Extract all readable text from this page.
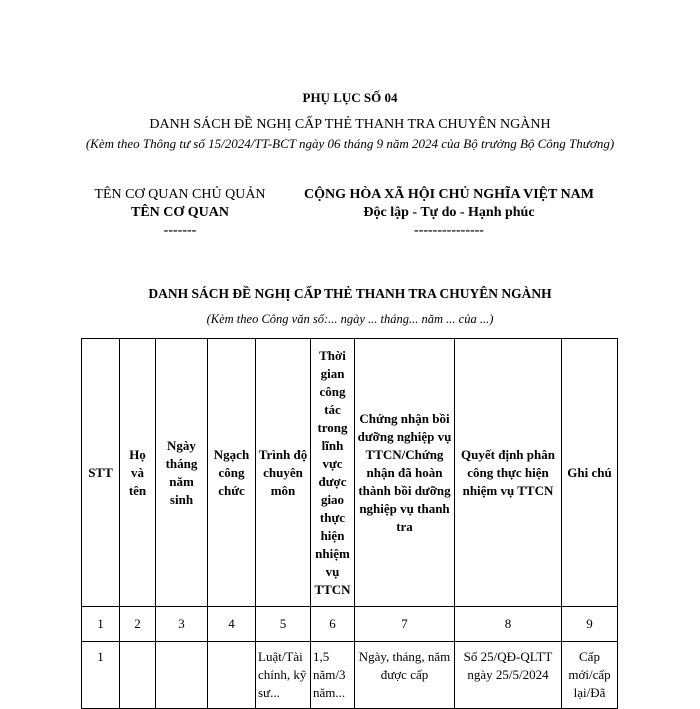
PHỤ LỤC SỐ 04
DANH SÁCH ĐỀ NGHỊ CẤP THẺ THANH TRA CHUYÊN NGÀNH
(Kèm theo Thông tư số 15/2024/TT-BCT ngày 06 tháng 9 năm 2024 của Bộ trưởng Bộ Công Thương)
TÊN CƠ QUAN CHỦ QUẢN
TÊN CƠ QUAN
-------
CỘNG HÒA XÃ HỘI CHỦ NGHĨA VIỆT NAM
Độc lập - Tự do - Hạnh phúc
---------------
DANH SÁCH ĐỀ NGHỊ CẤP THẺ THANH TRA CHUYÊN NGÀNH
(Kèm theo Công văn số:... ngày ... tháng... năm ... của ...)
STT	Họ và tên	Ngày tháng năm sinh	Ngạch công chức	Trình độ chuyên môn	Thời gian công tác trong lĩnh vực được giao thực hiện nhiệm vụ TTCN	Chứng nhận bồi dưỡng nghiệp vụ TTCN/Chứng nhận đã hoàn thành bồi dưỡng nghiệp vụ thanh tra	Quyết định phân công thực hiện nhiệm vụ TTCN	Ghi chú
1	2	3	4	5	6	7	8	9
1				Luật/Tài chính, kỹ sư...	1,5 năm/3 năm...	Ngày, tháng, năm được cấp	Số 25/QĐ-QLTT ngày 25/5/2024	Cấp mới/cấp lại/Đã
